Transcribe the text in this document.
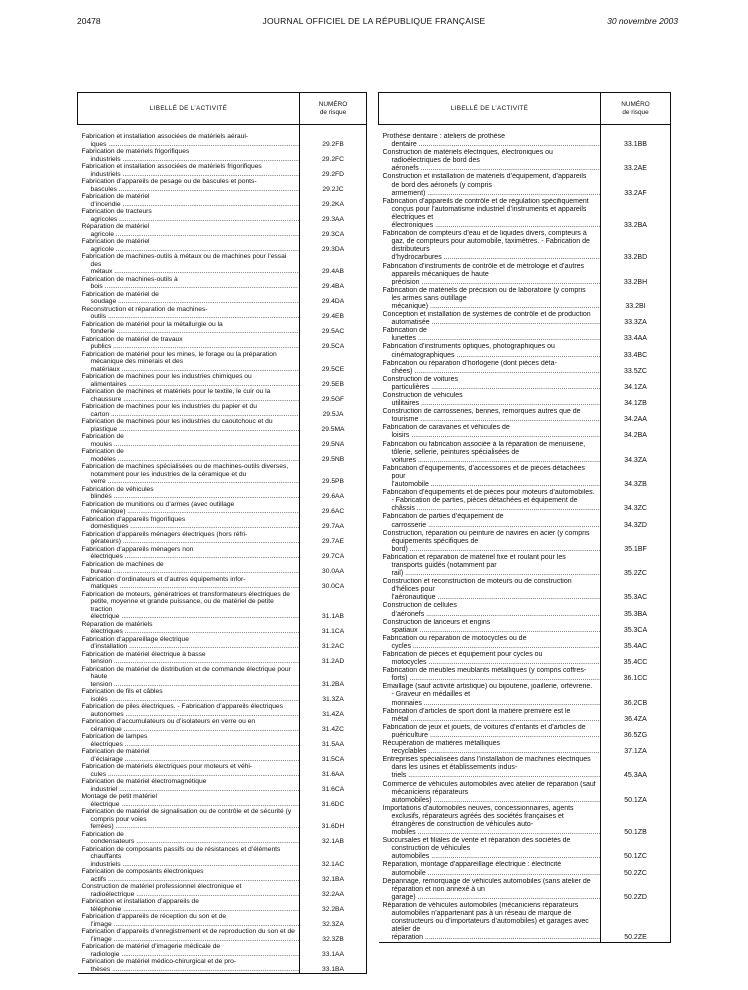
20478	JOURNAL OFFICIEL DE LA RÉPUBLIQUE FRANÇAISE	30 novembre 2003
LIBELLÉ DE L’ACTIVITÉ	NUMÉRO
de risque

Fabrication et installation associées de matériels aérauliques .....	29.2FB

Fabrication de matériels frigorifiques industriels .....	29.2FC

Fabrication et installation associées de matériels frigorifiques industriels .....	29.2FD

Fabrication d’appareils de pesage ou de bascules et ponts-bascules .....	29.2JC

Fabrication de matériel d’incendie .....	29.2KA

Fabrication de tracteurs agricoles .....	29.3AA

Réparation de matériel agricole .....	29.3CA

Fabrication de matériel agricole .....	29.3DA

Fabrication de machines-outils à métaux ou de machines pour l’essai des métaux .....	29.4AB

Fabrication de machines-outils à bois .....	29.4BA

Fabrication de matériel de soudage .....	29.4DA

Reconstruction et réparation de machines-outils .....	29.4EB

Fabrication de matériel pour la métallurgie ou la fonderie .....	29.5AC

Fabrication de matériel de travaux publics .....	29.5CA

Fabrication de matériel pour les mines, le forage ou la préparation mécanique des minerais et des matériaux .....	29.5CE

Fabrication de machines pour les industries chimiques ou alimentaires .....	29.5EB

Fabrication de machines et matériels pour le textile, le cuir ou la chaussure .....	29.5GF

Fabrication de machines pour les industries du papier et du carton .....	29.5JA

Fabrication de machines pour les industries du caoutchouc et du plastique .....	29.5MA

Fabrication de moules .....	29.5NA

Fabrication de modèles .....	29.5NB

Fabrication de machines spécialisées ou de machines-outils diverses, notamment pour les industries de la céramique et du verre .....	29.5PB

Fabrication de véhicules blindés .....	29.6AA

Fabrication de munitions ou d’armes (avec outillage mécanique) .....	29.6AC

Fabrication d’appareils frigorifiques domestiques .....	29.7AA

Fabrication d’appareils ménagers électriques (hors réfrigérateurs) .....	29.7AE

Fabrication d’appareils ménagers non électriques .....	29.7CA

Fabrication de machines de bureau .....	30.0AA

Fabrication d’ordinateurs et d’autres équipements informatiques .....	30.0CA

Fabrication de moteurs, génératrices et transformateurs électriques de petite, moyenne et grande puissance, ou de matériel de petite traction électrique .....	31.1AB

Réparation de matériels électriques .....	31.1CA

Fabrication d’appareillage électrique d’installation .....	31.2AC

Fabrication de matériel électrique à basse tension .....	31.2AD

Fabrication de matériel de distribution et de commande électrique pour haute tension .....	31.2BA

Fabrication de fils et câbles isolés .....	31.3ZA

Fabrication de piles électriques. - Fabrication d’appareils électriques autonomes .....	31.4ZA

Fabrication d’accumulateurs ou d’isolateurs en verre ou en céramique .....	31.4ZC

Fabrication de lampes électriques .....	31.5AA

Fabrication de matériel d’éclairage .....	31.5CA

Fabrication de matériels électriques pour moteurs et véhicules .....	31.6AA

Fabrication de matériel électromagnétique industriel .....	31.6CA

Montage de petit matériel électrique .....	31.6DC

Fabrication de matériel de signalisation ou de contrôle et de sécurité (y compris pour voies ferrées) .....	31.6DH

Fabrication de condensateurs .....	32.1AB

Fabrication de composants passifs ou de résistances et d’éléments chauffants industriels .....	32.1AC

Fabrication de composants électroniques actifs .....	32.1BA

Construction de matériel professionnel électronique et radioélectrique .....	32.2AA

Fabrication et installation d’appareils de téléphonie .....	32.2BA

Fabrication d’appareils de réception du son et de l’image .....	32.3ZA

Fabrication d’appareils d’enregistrement et de reproduction du son et de l’image .....	32.3ZB

Fabrication de matériel d’imagerie médicale de radiologie .....	33.1AA

Fabrication de matériel médico-chirurgical et de prothèses .....	33.1BA
LIBELLÉ DE L’ACTIVITÉ	NUMÉRO
de risque

Prothèse dentaire : ateliers de prothèse dentaire .....	33.1BB

Construction de matériels électriques, électroniques ou radioélectriques de bord des aéronefs .....	33.2AE

Construction et installation de matériels d’équipement, d’appareils de bord des aéronefs (y compris armement) .....	33.2AF

Fabrication d’appareils de contrôle et de régulation spécifiquement conçus pour l’automatisme industriel d’instruments et appareils électriques et électroniques .....	33.2BA

Fabrication de compteurs d’eau et de liquides divers, compteurs à gaz, de compteurs pour automobile, taximètres. - Fabrication de distributeurs d’hydrocarbures .....	33.2BD

Fabrication d’instruments de contrôle et de métrologie et d’autres appareils mécaniques de haute précision .....	33.2BH

Fabrication de matériels de précision ou de laboratoire (y compris les armes sans outillage mécanique) .....	33.2BI

Conception et installation de systèmes de contrôle et de production automatisée .....	33.3ZA

Fabrication de lunettes .....	33.4AA

Fabrication d’instruments optiques, photographiques ou cinématographiques .....	33.4BC

Fabrication ou réparation d’horlogerie (dont pièces détachées) .....	33.5ZC

Construction de voitures particulières .....	34.1ZA

Construction de véhicules utilitaires .....	34.1ZB

Construction de carrosseries, bennes, remorques autres que de tourisme .....	34.2AA

Fabrication de caravanes et véhicules de loisirs .....	34.2BA

Fabrication ou fabrication associée à la réparation de menuiserie, tôlerie, sellerie, peintures spécialisées de voitures .....	34.3ZA

Fabrication d’équipements, d’accessoires et de pièces détachées pour l’automobile .....	34.3ZB

Fabrication d’équipements et de pièces pour moteurs d’automobiles. - Fabrication de parties, pièces détachées et équipement de châssis .....	34.3ZC

Fabrication de parties d’équipement de carrosserie .....	34.3ZD

Construction, réparation ou peinture de navires en acier (y compris équipements spécifiques de bord) .....	35.1BF

Fabrication et réparation de matériel fixe et roulant pour les transports guidés (notamment par rail) .....	35.2ZC

Construction et reconstruction de moteurs ou de construction d’hélices pour l’aéronautique .....	35.3AC

Construction de cellules d’aéronefs .....	35.3BA

Construction de lanceurs et engins spatiaux .....	35.3CA

Fabrication ou réparation de motocycles ou de cycles .....	35.4AC

Fabrication de pièces et équipement pour cycles ou motocycles .....	35.4CC

Fabrication de meubles meublants métalliques (y compris coffres-forts) .....	36.1CC

Emaillage (sauf activité artistique) ou bijouterie, joaillerie, orfèvrerie. - Graveur en médailles et monnaies .....	36.2CB

Fabrication d’articles de sport dont la matière première est le métal .....	36.4ZA

Fabrication de jeux et jouets, de voitures d’enfants et d’articles de puériculture .....	36.5ZG

Récupération de matières métalliques recyclables .....	37.1ZA

Entreprises spécialisées dans l’installation de machines électriques dans les usines et établissements industriels .....	45.3AA

Commerce de véhicules automobiles avec atelier de réparation (sauf mécaniciens réparateurs automobiles) .....	50.1ZA

Importations d’automobiles neuves, concessionnaires, agents exclusifs, réparateurs agréés des sociétés françaises et étrangères de construction de véhicules automobiles .....	50.1ZB

Succursales et filiales de vente et réparation des sociétés de construction de véhicules automobiles .....	50.1ZC

Réparation, montage d’appareillage électrique : électricité automobile .....	50.2ZC

Dépannage, remorquage de véhicules automobiles (sans atelier de réparation et non annexé à un garage) .....	50.2ZD

Réparation de véhicules automobiles (mécaniciens réparateurs automobiles n’appartenant pas à un réseau de marque de constructeurs ou d’importateurs d’automobiles) et garages avec atelier de réparation .....	50.2ZE
